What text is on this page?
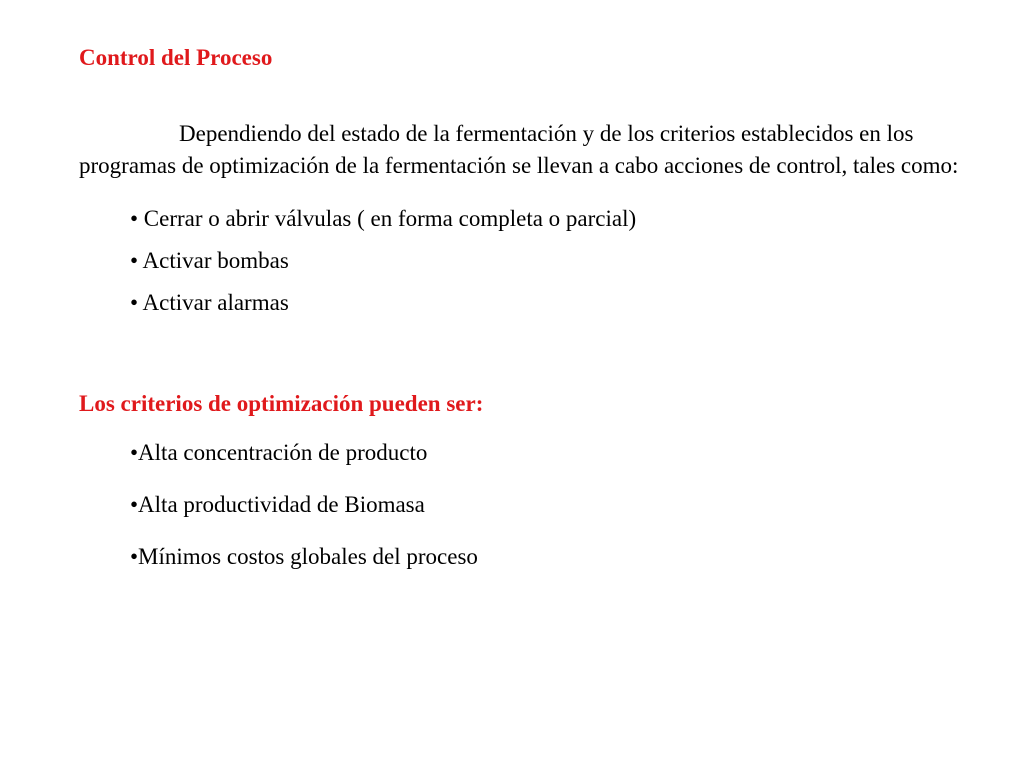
Control del Proceso

Dependiendo del estado de la fermentación y de los criterios establecidos en los programas de optimización de la fermentación se llevan a cabo acciones de control, tales como:

• Cerrar o abrir válvulas ( en forma completa o parcial)
• Activar bombas
• Activar alarmas
Los criterios de optimización pueden ser:
•Alta concentración de producto
•Alta productividad de Biomasa
•Mínimos costos globales del proceso
